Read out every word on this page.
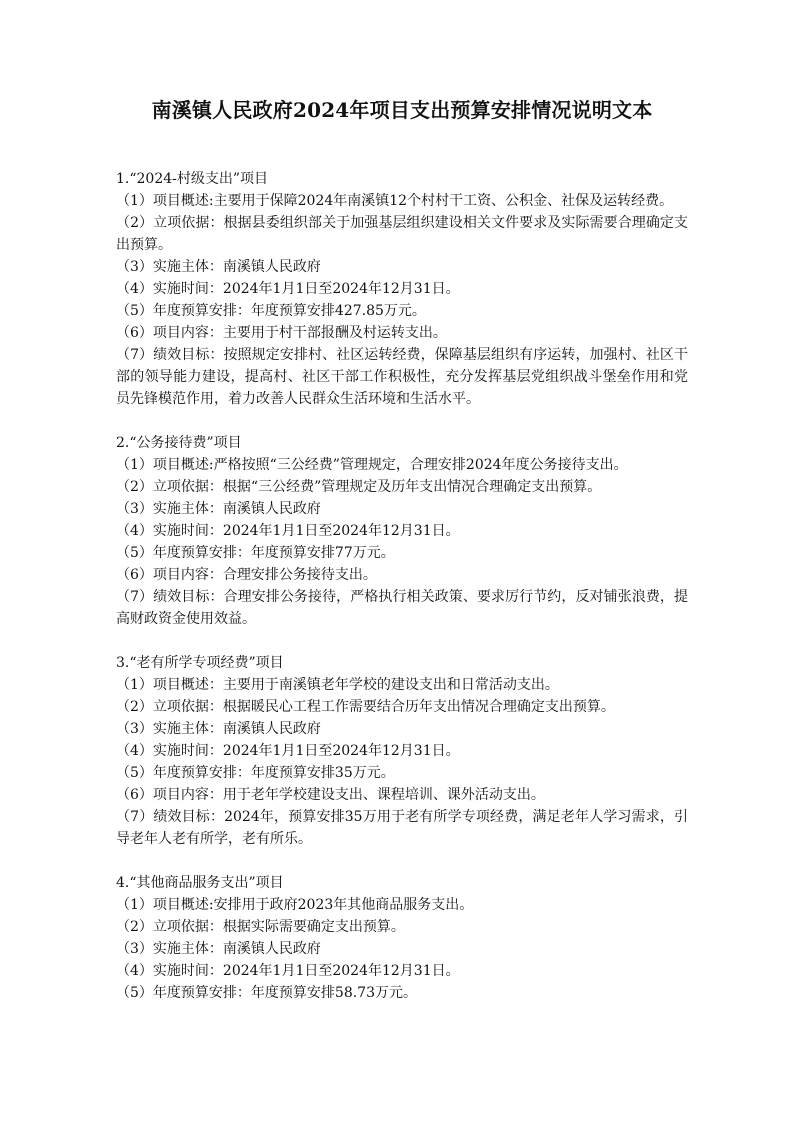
南溪镇人民政府2024年项目支出预算安排情况说明文本

1.“2024-村级支出”项目

（1）项目概述:主要用于保障2024年南溪镇12个村村干工资、公积金、社保及运转经费。

（2）立项依据：根据县委组织部关于加强基层组织建设相关文件要求及实际需要合理确定支出预算。

（3）实施主体：南溪镇人民政府

（4）实施时间：2024年1月1日至2024年12月31日。

（5）年度预算安排：年度预算安排427.85万元。

（6）项目内容：主要用于村干部报酬及村运转支出。

（7）绩效目标：按照规定安排村、社区运转经费，保障基层组织有序运转，加强村、社区干部的领导能力建设，提高村、社区干部工作积极性，充分发挥基层党组织战斗堡垒作用和党员先锋模范作用，着力改善人民群众生活环境和生活水平。

2.“公务接待费”项目

（1）项目概述:严格按照“三公经费”管理规定，合理安排2024年度公务接待支出。

（2）立项依据：根据“三公经费”管理规定及历年支出情况合理确定支出预算。

（3）实施主体：南溪镇人民政府

（4）实施时间：2024年1月1日至2024年12月31日。

（5）年度预算安排：年度预算安排77万元。

（6）项目内容：合理安排公务接待支出。

（7）绩效目标：合理安排公务接待，严格执行相关政策、要求厉行节约，反对铺张浪费，提高财政资金使用效益。

3.“老有所学专项经费”项目

（1）项目概述：主要用于南溪镇老年学校的建设支出和日常活动支出。

（2）立项依据：根据暖民心工程工作需要结合历年支出情况合理确定支出预算。

（3）实施主体：南溪镇人民政府

（4）实施时间：2024年1月1日至2024年12月31日。

（5）年度预算安排：年度预算安排35万元。

（6）项目内容：用于老年学校建设支出、课程培训、课外活动支出。

（7）绩效目标：2024年，预算安排35万用于老有所学专项经费，满足老年人学习需求，引导老年人老有所学，老有所乐。

4.“其他商品服务支出”项目

（1）项目概述:安排用于政府2023年其他商品服务支出。

（2）立项依据：根据实际需要确定支出预算。

（3）实施主体：南溪镇人民政府

（4）实施时间：2024年1月1日至2024年12月31日。

（5）年度预算安排：年度预算安排58.73万元。
